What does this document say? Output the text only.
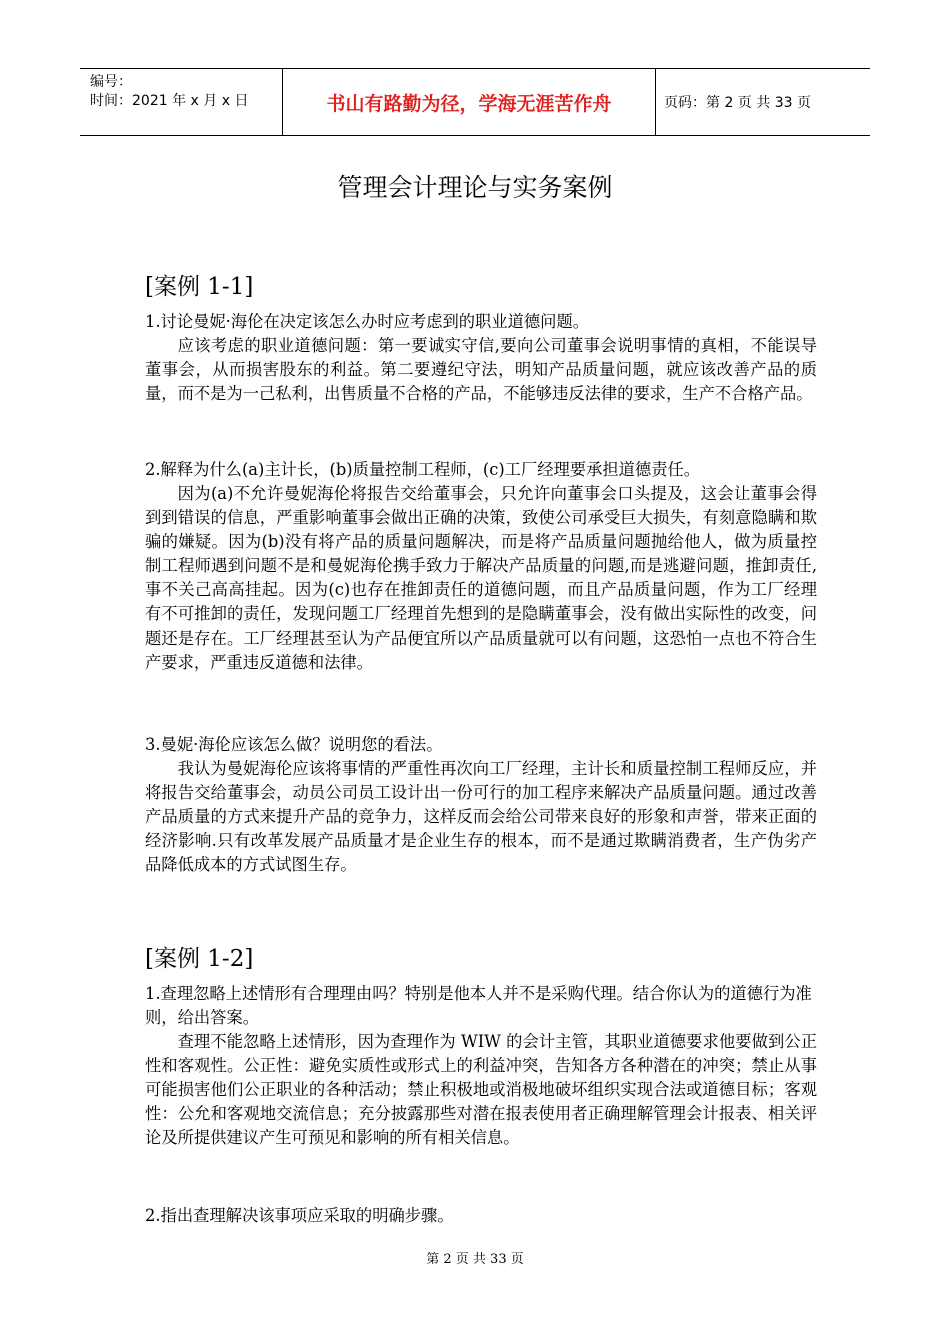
编号：
时间：2021 年 x 月 x 日	书山有路勤为径，学海无涯苦作舟	页码：第 2 页 共 33 页
管理会计理论与实务案例
[案例 1-1]
1.讨论曼妮·海伦在决定该怎么办时应考虑到的职业道德问题。
应该考虑的职业道德问题：第一要诚实守信,要向公司董事会说明事情的真相，不能误导董事会，从而损害股东的利益。第二要遵纪守法，明知产品质量问题，就应该改善产品的质量，而不是为一己私利，出售质量不合格的产品，不能够违反法律的要求，生产不合格产品。
2.解释为什么(a)主计长，(b)质量控制工程师，(c)工厂经理要承担道德责任。
因为(a)不允许曼妮海伦将报告交给董事会，只允许向董事会口头提及，这会让董事会得到到错误的信息，严重影响董事会做出正确的决策，致使公司承受巨大损失，有刻意隐瞒和欺骗的嫌疑。因为(b)没有将产品的质量问题解决，而是将产品质量问题抛给他人，做为质量控制工程师遇到问题不是和曼妮海伦携手致力于解决产品质量的问题,而是逃避问题，推卸责任,事不关己高高挂起。因为(c)也存在推卸责任的道德问题，而且产品质量问题，作为工厂经理有不可推卸的责任，发现问题工厂经理首先想到的是隐瞒董事会，没有做出实际性的改变，问题还是存在。工厂经理甚至认为产品便宜所以产品质量就可以有问题，这恐怕一点也不符合生产要求，严重违反道德和法律。
3.曼妮·海伦应该怎么做？说明您的看法。
我认为曼妮海伦应该将事情的严重性再次向工厂经理，主计长和质量控制工程师反应，并将报告交给董事会，动员公司员工设计出一份可行的加工程序来解决产品质量问题。通过改善产品质量的方式来提升产品的竞争力，这样反而会给公司带来良好的形象和声誉，带来正面的经济影响.只有改革发展产品质量才是企业生存的根本，而不是通过欺瞒消费者，生产伪劣产品降低成本的方式试图生存。
[案例 1-2]
1.查理忽略上述情形有合理理由吗？特别是他本人并不是采购代理。结合你认为的道德行为准则，给出答案。
查理不能忽略上述情形，因为查理作为 WIW 的会计主管，其职业道德要求他要做到公正性和客观性。公正性：避免实质性或形式上的利益冲突，告知各方各种潜在的冲突；禁止从事可能损害他们公正职业的各种活动；禁止积极地或消极地破坏组织实现合法或道德目标；客观性：公允和客观地交流信息；充分披露那些对潜在报表使用者正确理解管理会计报表、相关评论及所提供建议产生可预见和影响的所有相关信息。
2.指出查理解决该事项应采取的明确步骤。
第 2 页 共 33 页
